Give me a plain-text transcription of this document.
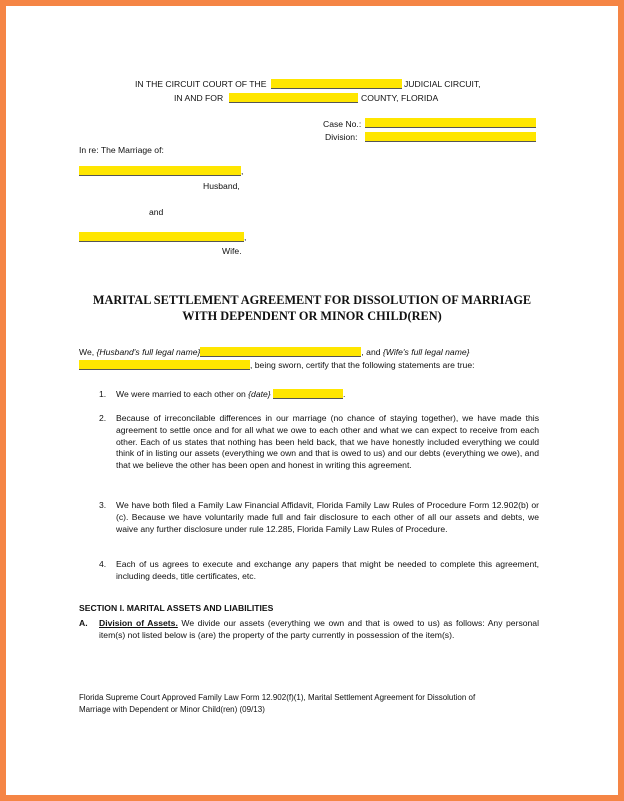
IN THE CIRCUIT COURT OF THE	JUDICIAL CIRCUIT,
IN AND FOR	COUNTY, FLORIDA
Case No.:
Division:
In re: The Marriage of:
,
Husband,
and
,
Wife.
MARITAL SETTLEMENT AGREEMENT FOR DISSOLUTION OF MARRIAGE
WITH DEPENDENT OR MINOR CHILD(REN)
We, {Husband's full legal name}	, and {Wife's full legal name}
, being sworn, certify that the following statements are true:
1. We were married to each other on {date}	.
2. Because of irreconcilable differences in our marriage (no chance of staying together), we have made this agreement to settle once and for all what we owe to each other and what we can expect to receive from each other. Each of us states that nothing has been held back, that we have honestly included everything we could think of in listing our assets (everything we own and that is owed to us) and our debts (everything we owe), and that we believe the other has been open and honest in writing this agreement.
3. We have both filed a Family Law Financial Affidavit, Florida Family Law Rules of Procedure Form 12.902(b) or (c). Because we have voluntarily made full and fair disclosure to each other of all our assets and debts, we waive any further disclosure under rule 12.285, Florida Family Law Rules of Procedure.
4. Each of us agrees to execute and exchange any papers that might be needed to complete this agreement, including deeds, title certificates, etc.
SECTION I. MARITAL ASSETS AND LIABILITIES
A. Division of Assets. We divide our assets (everything we own and that is owed to us) as follows: Any personal item(s) not listed below is (are) the property of the party currently in possession of the item(s).
Florida Supreme Court Approved Family Law Form 12.902(f)(1), Marital Settlement Agreement for Dissolution of
Marriage with Dependent or Minor Child(ren) (09/13)
